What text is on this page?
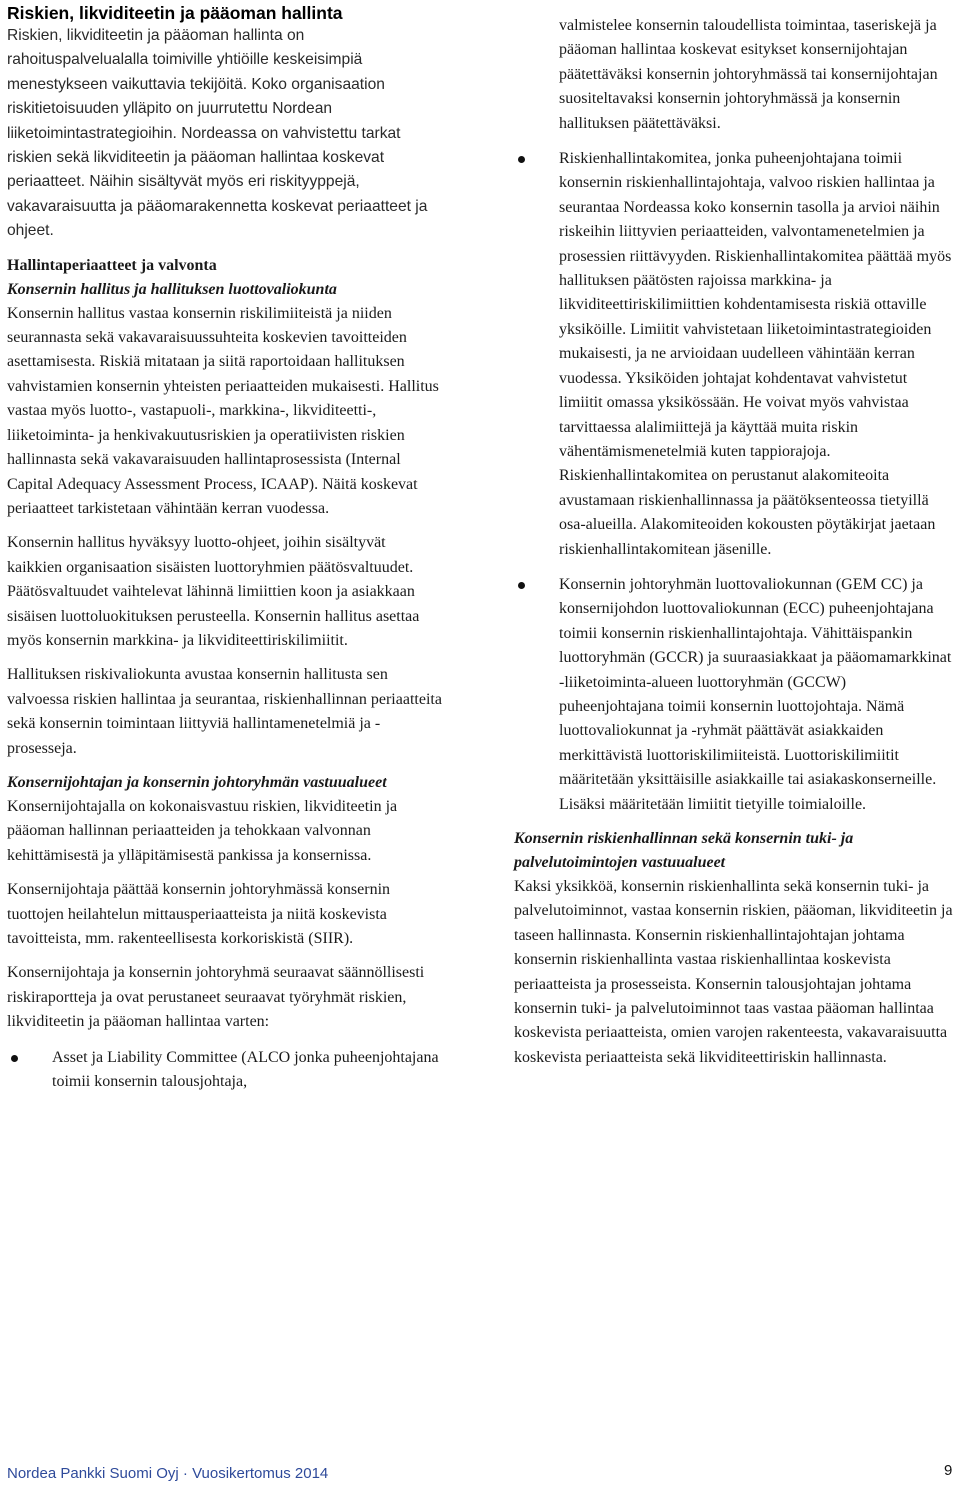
Riskien, likviditeetin ja pääoman hallinta

Riskien, likviditeetin ja pääoman hallinta on rahoituspalvelualalla toimiville yhtiöille keskeisimpiä menestykseen vaikuttavia tekijöitä. Koko organisaation riskitietoisuuden ylläpito on juurrutettu Nordean liiketoimintastrategioihin. Nordeassa on vahvistettu tarkat riskien sekä likviditeetin ja pääoman hallintaa koskevat periaatteet. Näihin sisältyvät myös eri riskityyppejä, vakavaraisuutta ja pääomarakennetta koskevat periaatteet ja ohjeet.

Hallintaperiaatteet ja valvonta
Konsernin hallitus ja hallituksen luottovaliokunta

Konsernin hallitus vastaa konsernin riskilimiiteistä ja niiden seurannasta sekä vakavaraisuussuhteita koskevien tavoitteiden asettamisesta. Riskiä mitataan ja siitä raportoidaan hallituksen vahvistamien konsernin yhteisten periaatteiden mukaisesti. Hallitus vastaa myös luotto-, vastapuoli-, markkina-, likviditeetti-, liiketoiminta- ja henkivakuutusriskien ja operatiivisten riskien hallinnasta sekä vakavaraisuuden hallintaprosessista (Internal Capital Adequacy Assessment Process, ICAAP). Näitä koskevat periaatteet tarkistetaan vähintään kerran vuodessa.

Konsernin hallitus hyväksyy luotto-ohjeet, joihin sisältyvät kaikkien organisaation sisäisten luottoryhmien päätösvaltuudet. Päätösvaltuudet vaihtelevat lähinnä limiittien koon ja asiakkaan sisäisen luottoluokituksen perusteella. Konsernin hallitus asettaa myös konsernin markkina- ja likviditeettiriskilimiitit.

Hallituksen riskivaliokunta avustaa konsernin hallitusta sen valvoessa riskien hallintaa ja seurantaa, riskienhallinnan periaatteita sekä konsernin toimintaan liittyviä hallintamenetelmiä ja -prosesseja.

Konsernijohtajan ja konsernin johtoryhmän vastuualueet

Konsernijohtajalla on kokonaisvastuu riskien, likviditeetin ja pääoman hallinnan periaatteiden ja tehokkaan valvonnan kehittämisestä ja ylläpitämisestä pankissa ja konsernissa.

Konsernijohtaja päättää konsernin johtoryhmässä konsernin tuottojen heilahtelun mittausperiaatteista ja niitä koskevista tavoitteista, mm. rakenteellisesta korkoriskistä (SIIR).

Konsernijohtaja ja konsernin johtoryhmä seuraavat säännöllisesti riskiraportteja ja ovat perustaneet seuraavat työryhmät riskien, likviditeetin ja pääoman hallintaa varten:

Asset ja Liability Committee (ALCO jonka puheenjohtajana toimii konsernin talousjohtaja,
valmistelee konsernin taloudellista toimintaa, taseriskejä ja pääoman hallintaa koskevat esitykset konsernijohtajan päätettäväksi konsernin johtoryhmässä tai konsernijohtajan suositeltavaksi konsernin johtoryhmässä ja konsernin hallituksen päätettäväksi.
Riskienhallintakomitea, jonka puheenjohtajana toimii konsernin riskienhallintajohtaja, valvoo riskien hallintaa ja seurantaa Nordeassa koko konsernin tasolla ja arvioi näihin riskeihin liittyvien periaatteiden, valvontamenetelmien ja prosessien riittävyyden. Riskienhallintakomitea päättää myös hallituksen päätösten rajoissa markkina- ja likviditeettiriskilimiittien kohdentamisesta riskiä ottaville yksiköille. Limiitit vahvistetaan liiketoimintastrategioiden mukaisesti, ja ne arvioidaan uudelleen vähintään kerran vuodessa. Yksiköiden johtajat kohdentavat vahvistetut limiitit omassa yksikössään. He voivat myös vahvistaa tarvittaessa alalimiittejä ja käyttää muita riskin vähentämismenetelmiä kuten tappiorajoja. Riskienhallintakomitea on perustanut alakomiteoita avustamaan riskienhallinnassa ja päätöksenteossa tietyillä osa-alueilla. Alakomiteoiden kokousten pöytäkirjat jaetaan riskienhallintakomitean jäsenille.
Konsernin johtoryhmän luottovaliokunnan (GEM CC) ja konsernijohdon luottovaliokunnan (ECC) puheenjohtajana toimii konsernin riskienhallintajohtaja. Vähittäispankin luottoryhmän (GCCR) ja suuraasiakkaat ja pääomamarkkinat -liiketoiminta-alueen luottoryhmän (GCCW) puheenjohtajana toimii konsernin luottojohtaja. Nämä luottovaliokunnat ja -ryhmät päättävät asiakkaiden merkittävistä luottoriskilimiiteistä. Luottoriskilimiitit määritetään yksittäisille asiakkaille tai asiakaskonserneille. Lisäksi määritetään limiitit tietyille toimialoille.
Konsernin riskienhallinnan sekä konsernin tuki- ja palvelutoimintojen vastuualueet

Kaksi yksikköä, konsernin riskienhallinta sekä konsernin tuki- ja palvelutoiminnot, vastaa konsernin riskien, pääoman, likviditeetin ja taseen hallinnasta. Konsernin riskienhallintajohtajan johtama konsernin riskienhallinta vastaa riskienhallintaa koskevista periaatteista ja prosesseista. Konsernin talousjohtajan johtama konsernin tuki- ja palvelutoiminnot taas vastaa pääoman hallintaa koskevista periaatteista, omien varojen rakenteesta, vakavaraisuutta koskevista periaatteista sekä likviditeettiriskin hallinnasta.

Nordea Pankki Suomi Oyj · Vuosikertomus 2014	9
